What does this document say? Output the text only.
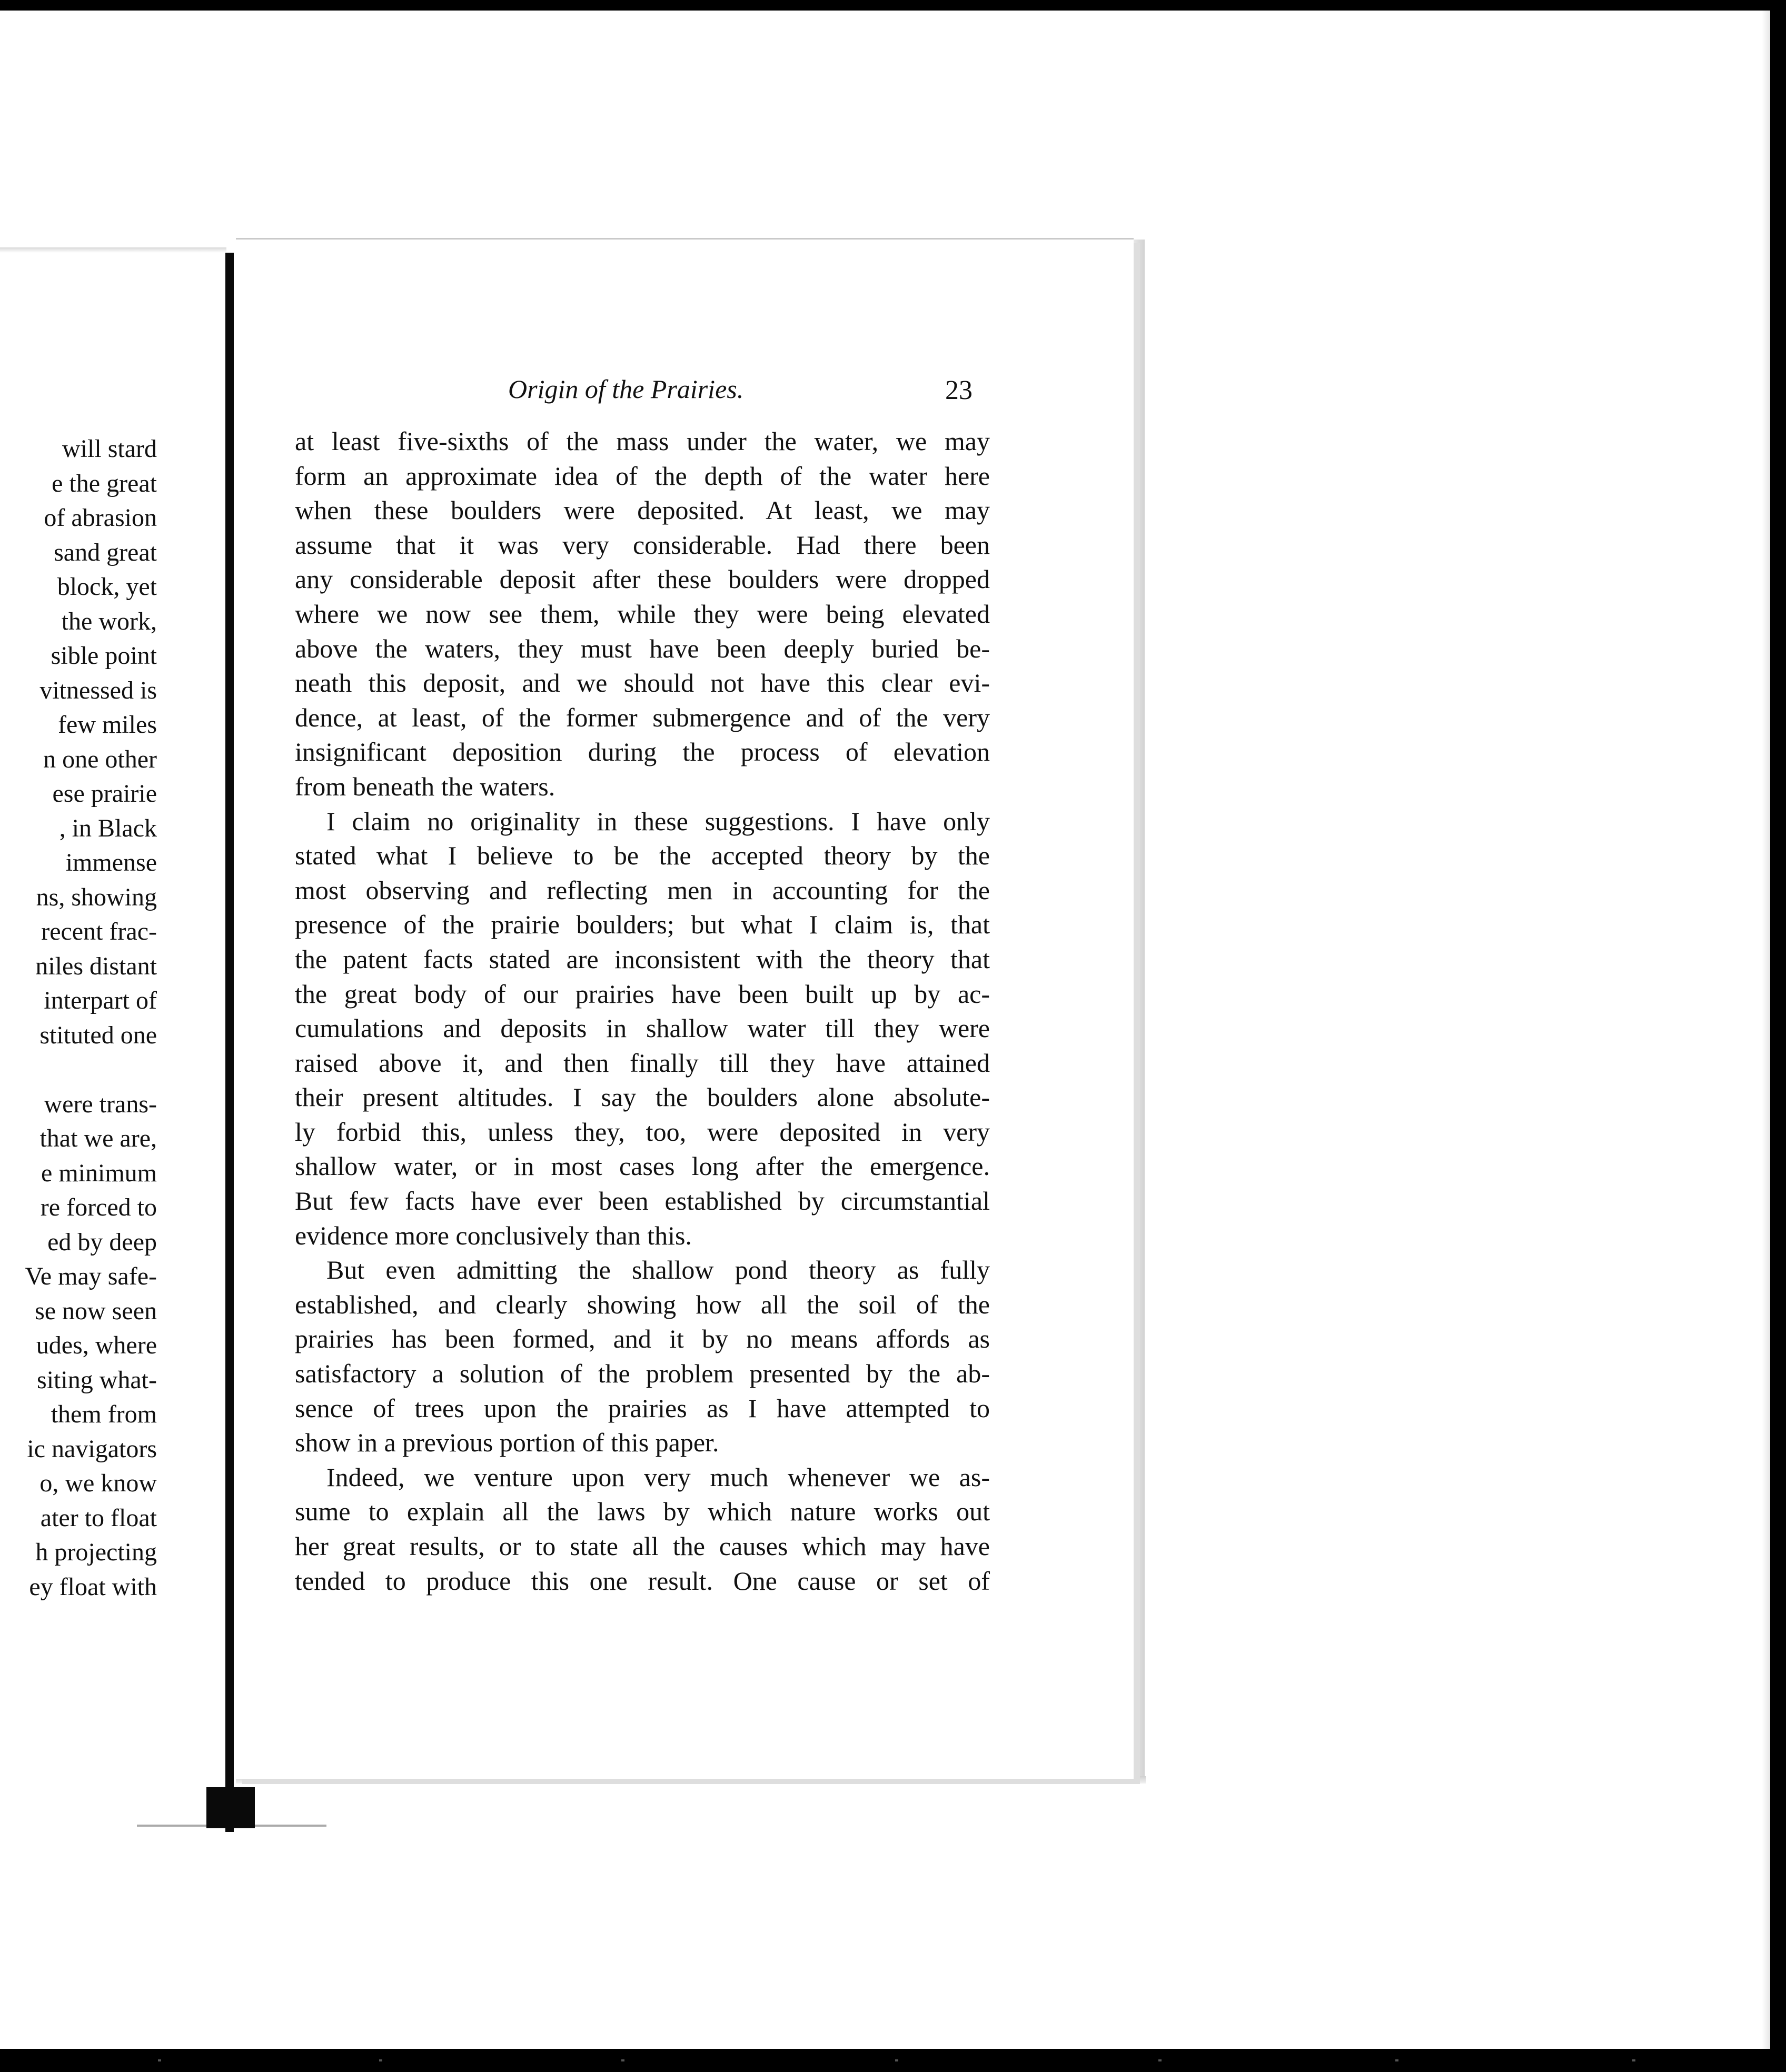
will stard
e the great
of abrasion
sand great
block, yet
the work,
sible point
vitnessed is
few miles
n one other
ese prairie
, in Black
immense
ns, showing
recent frac-
niles distant
interpart of
stituted one
were trans-
that we are,
e minimum
re forced to
ed by deep
Ve may safe-
se now seen
udes, where
siting what-
them from
ic navigators
o, we know
ater to float
h projecting
ey float with
Origin of the Prairies.	23
at least five-sixths of the mass under the water, we may
form an approximate idea of the depth of the water here
when these boulders were deposited. At least, we may
assume that it was very considerable. Had there been
any considerable deposit after these boulders were dropped
where we now see them, while they were being elevated
above the waters, they must have been deeply buried be-
neath this deposit, and we should not have this clear evi-
dence, at least, of the former submergence and of the very
insignificant deposition during the process of elevation
from beneath the waters.
I claim no originality in these suggestions. I have only
stated what I believe to be the accepted theory by the
most observing and reflecting men in accounting for the
presence of the prairie boulders; but what I claim is, that
the patent facts stated are inconsistent with the theory that
the great body of our prairies have been built up by ac-
cumulations and deposits in shallow water till they were
raised above it, and then finally till they have attained
their present altitudes. I say the boulders alone absolute-
ly forbid this, unless they, too, were deposited in very
shallow water, or in most cases long after the emergence.
But few facts have ever been established by circumstantial
evidence more conclusively than this.
But even admitting the shallow pond theory as fully
established, and clearly showing how all the soil of the
prairies has been formed, and it by no means affords as
satisfactory a solution of the problem presented by the ab-
sence of trees upon the prairies as I have attempted to
show in a previous portion of this paper.
Indeed, we venture upon very much whenever we as-
sume to explain all the laws by which nature works out
her great results, or to state all the causes which may have
tended to produce this one result. One cause or set of
